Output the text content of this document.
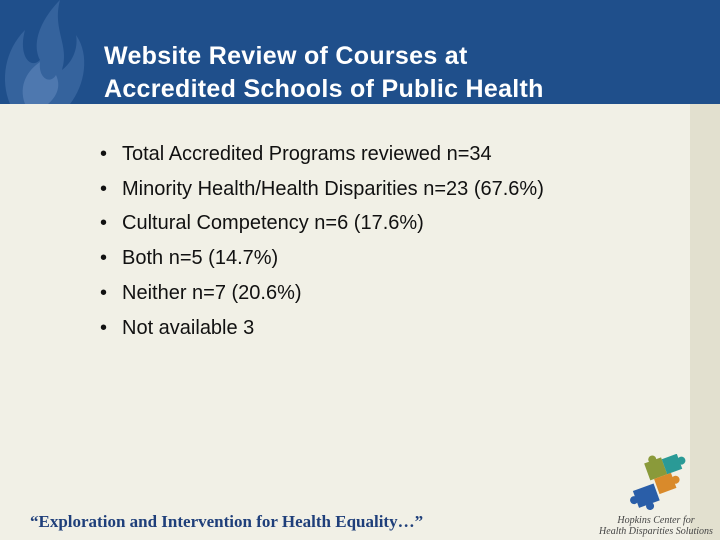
Website Review of Courses at
Accredited Schools of Public Health
• Total Accredited Programs reviewed n=34
• Minority Health/Health Disparities n=23 (67.6%)
• Cultural Competency n=6 (17.6%)
• Both n=5 (14.7%)
• Neither n=7 (20.6%)
• Not available 3

“Exploration and Intervention for Health Equality…”	Hopkins Center for
Health Disparities Solutions
